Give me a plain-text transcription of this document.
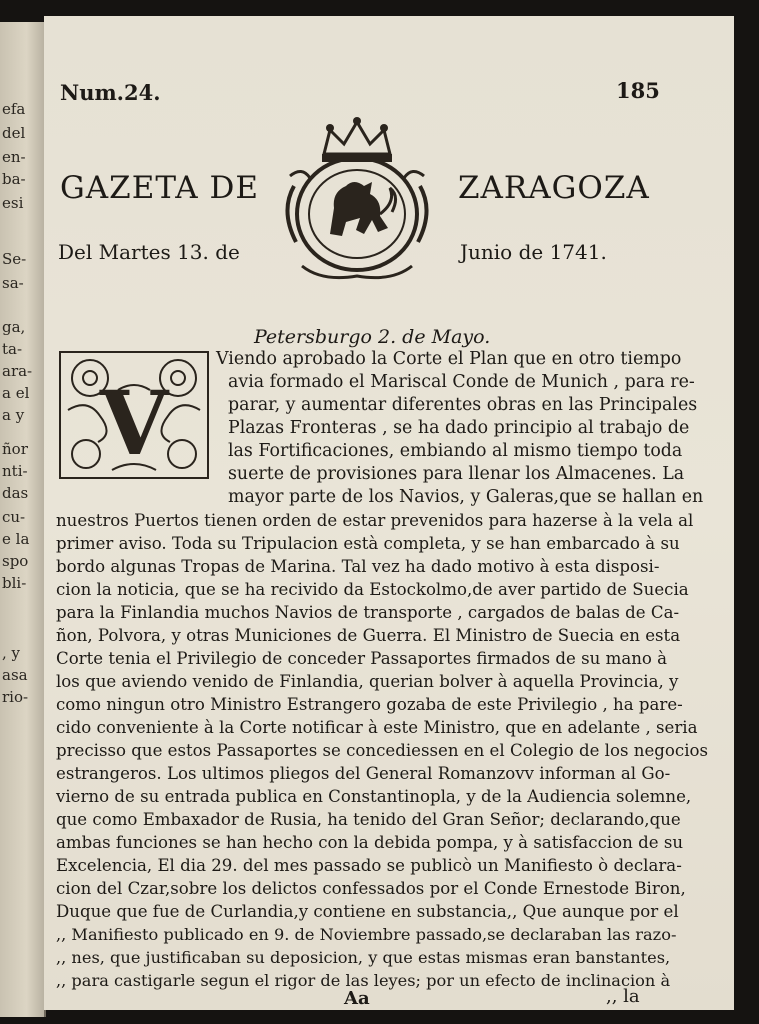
efa
del
en-
ba-
esi
Se-
sa-
ga,
ta-
ara-
a el
a y
ñor
nti-
das
cu-
e la
spo
bli-
, y
asa
rio-
Num.24.	185
GAZETA DE	ZARAGOZA
Del Martes 13. de	Junio de 1741.
Petersburgo 2. de Mayo.
V
Viendo aprobado la Corte el Plan que en otro tiempo
avia formado el Mariscal Conde de Munich , para re-
parar, y aumentar diferentes obras en las Principales
Plazas Fronteras , se ha dado principio al trabajo de
las Fortificaciones, embiando al mismo tiempo toda
suerte de provisiones para llenar los Almacenes. La
mayor parte de los Navios, y Galeras,que se hallan en
nuestros Puertos tienen orden de estar prevenidos para hazerse à la vela al
primer aviso. Toda su Tripulacion està completa, y se han embarcado à su
bordo algunas Tropas de Marina. Tal vez ha dado motivo à esta disposi-
cion la noticia, que se ha recivido da Estockolmo,de aver partido de Suecia
para la Finlandia muchos Navios de transporte , cargados de balas de Ca-
ñon, Polvora, y otras Municiones de Guerra. El Ministro de Suecia en esta
Corte tenia el Privilegio de conceder Passaportes firmados de su mano à
los que aviendo venido de Finlandia, querian bolver à aquella Provincia, y
como ningun otro Ministro Estrangero gozaba de este Privilegio , ha pare-
cido conveniente à la Corte notificar à este Ministro, que en adelante , seria
precisso que estos Passaportes se concediessen en el Colegio de los negocios
estrangeros. Los ultimos pliegos del General Romanzovv informan al Go-
vierno de su entrada publica en Constantinopla, y de la Audiencia solemne,
que como Embaxador de Rusia, ha tenido del Gran Señor; declarando,que
ambas funciones se han hecho con la debida pompa, y à satisfaccion de su
Excelencia, El dia 29. del mes passado se publicò un Manifiesto ò declara-
cion del Czar,sobre los delictos confessados por el Conde Ernestode Biron,
Duque que fue de Curlandia,y contiene en substancia,, Que aunque por el
,, Manifiesto publicado en 9. de Noviembre passado,se declaraban las razo-
,, nes, que justificaban su deposicion, y que estas mismas eran banstantes,
,, para castigarle segun el rigor de las leyes; por un efecto de inclinacion à
Aa	,, la
